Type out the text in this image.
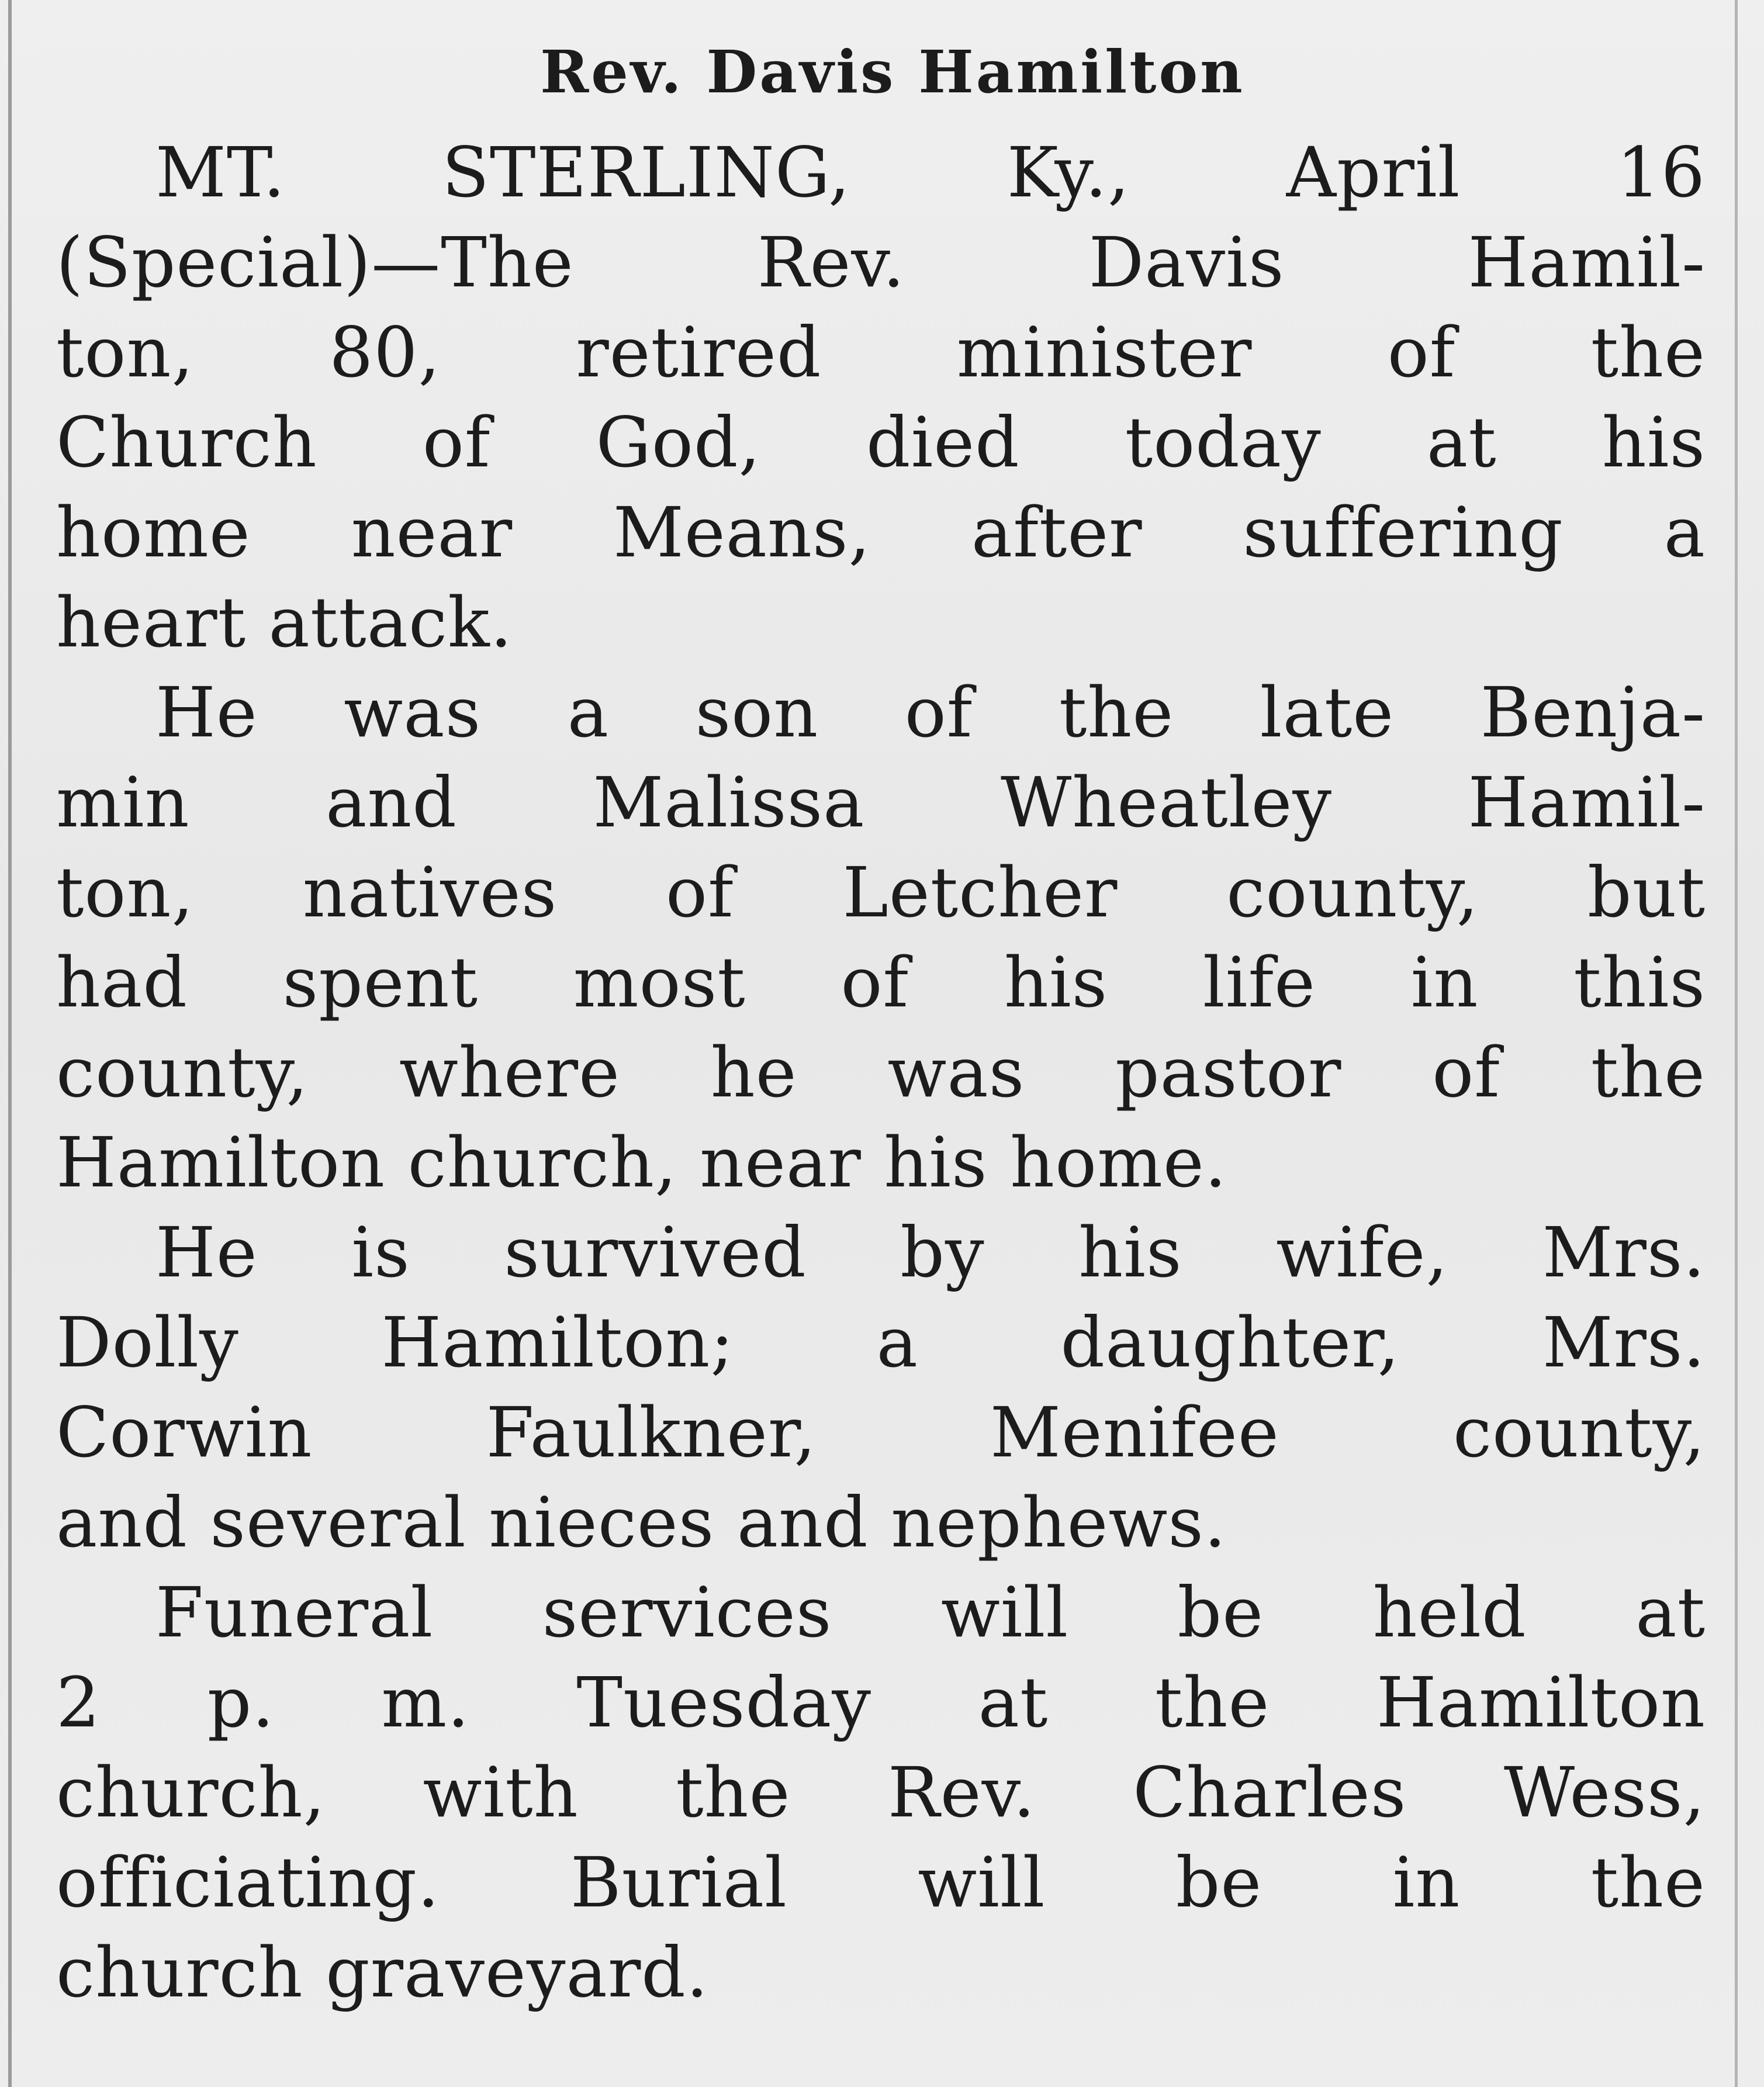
Rev. Davis Hamilton
MT. STERLING, Ky., April 16
(Special)—The Rev. Davis Hamil-
ton, 80, retired minister of the
Church of God, died today at his
home near Means, after suffering a
heart attack.
He was a son of the late Benja-
min and Malissa Wheatley Hamil-
ton, natives of Letcher county, but
had spent most of his life in this
county, where he was pastor of the
Hamilton church, near his home.
He is survived by his wife, Mrs.
Dolly Hamilton; a daughter, Mrs.
Corwin Faulkner, Menifee county,
and several nieces and nephews.
Funeral services will be held at
2 p. m. Tuesday at the Hamilton
church, with the Rev. Charles Wess,
officiating. Burial will be in the
church graveyard.
